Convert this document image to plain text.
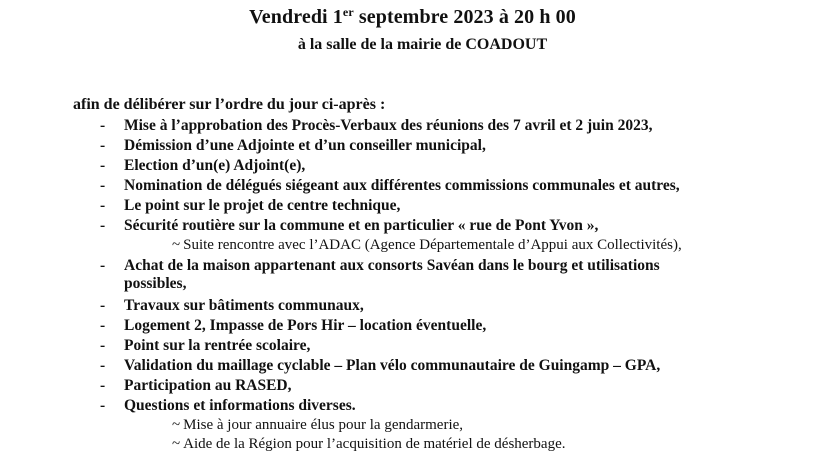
Vendredi 1er septembre 2023 à 20 h 00
à la salle de la mairie de COADOUT
afin de délibérer sur l’ordre du jour ci-après :
- Mise à l’approbation des Procès-Verbaux des réunions des 7 avril et 2 juin 2023,
- Démission d’une Adjointe et d’un conseiller municipal,
- Election d’un(e) Adjoint(e),
- Nomination de délégués siégeant aux différentes commissions communales et autres,
- Le point sur le projet de centre technique,
- Sécurité routière sur la commune et en particulier « rue de Pont Yvon »,
~ Suite rencontre avec l’ADAC (Agence Départementale d’Appui aux Collectivités),
- Achat de la maison appartenant aux consorts Savéan dans le bourg et utilisations
possibles,
- Travaux sur bâtiments communaux,
- Logement 2, Impasse de Pors Hir – location éventuelle,
- Point sur la rentrée scolaire,
- Validation du maillage cyclable – Plan vélo communautaire de Guingamp – GPA,
- Participation au RASED,
- Questions et informations diverses.
~ Mise à jour annuaire élus pour la gendarmerie,
~ Aide de la Région pour l’acquisition de matériel de désherbage.
